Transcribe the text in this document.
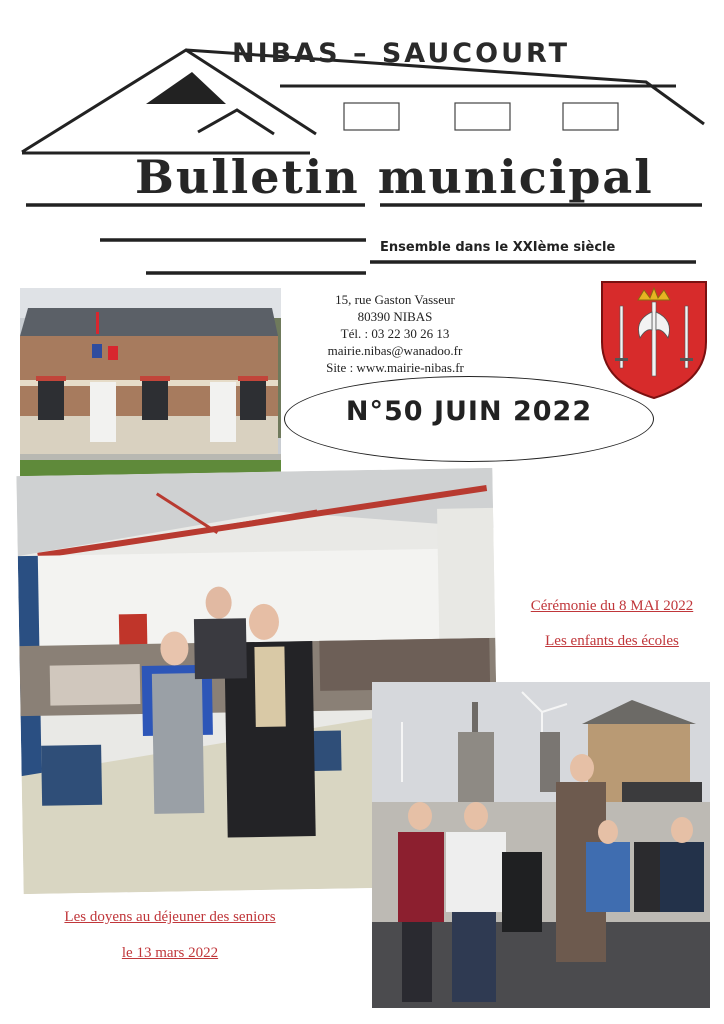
NIBAS – SAUCOURT
Bulletin municipal
Ensemble dans le XXIème siècle
15, rue Gaston Vasseur
80390 NIBAS
Tél. : 03 22 30 26 13
mairie.nibas@wanadoo.fr
Site : www.mairie-nibas.fr
N°50 JUIN 2022
Cérémonie du 8 MAI 2022
Les enfants des écoles
Les doyens au déjeuner des seniors
le 13 mars 2022
